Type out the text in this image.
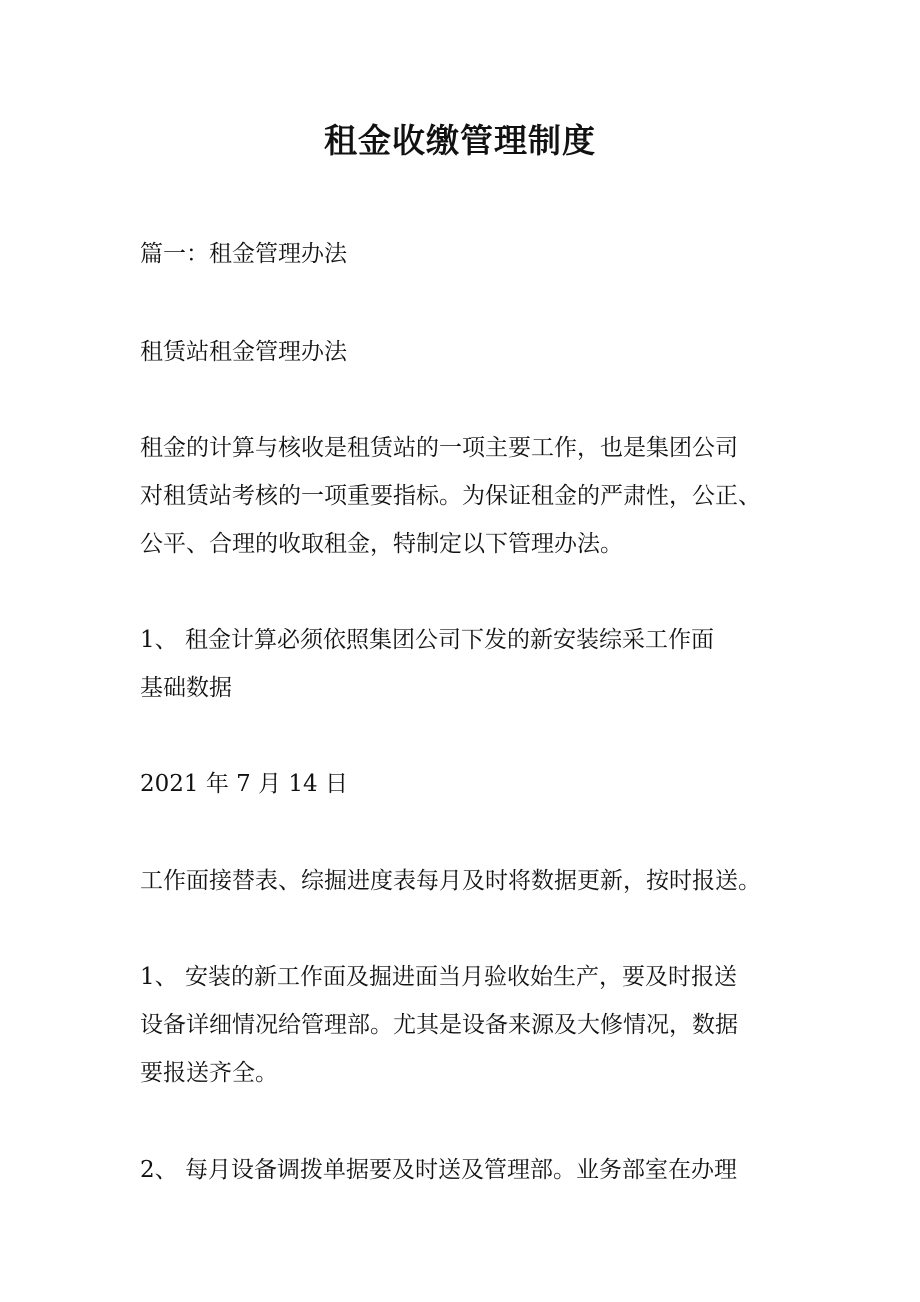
租金收缴管理制度

篇一：租金管理办法

租赁站租金管理办法

租金的计算与核收是租赁站的一项主要工作，也是集团公司

对租赁站考核的一项重要指标。为保证租金的严肃性，公正、

公平、合理的收取租金，特制定以下管理办法。

1、 租金计算必须依照集团公司下发的新安装综采工作面

基础数据

2021 年 7 月 14 日

工作面接替表、综掘进度表每月及时将数据更新，按时报送。

1、 安装的新工作面及掘进面当月验收始生产，要及时报送

设备详细情况给管理部。尤其是设备来源及大修情况，数据

要报送齐全。

2、 每月设备调拨单据要及时送及管理部。业务部室在办理
